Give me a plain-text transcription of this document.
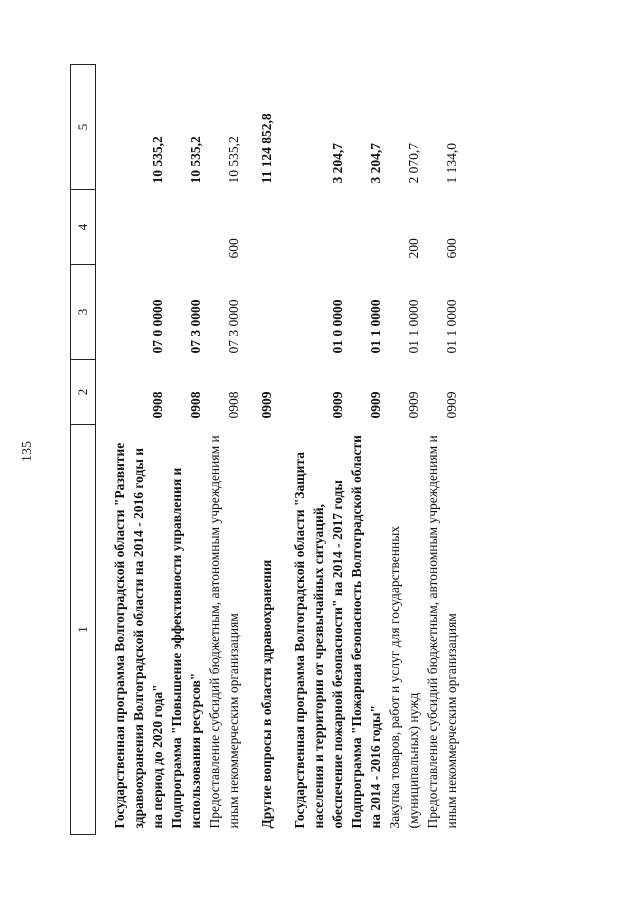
135
1	2	3	4	5

Государственная программа Волгоградской области "Развитие здравоохранения Волгоградской области на 2014 - 2016 годы и на период до 2020 года"	0908	07 0 0000		10 535,2
Подпрограмма "Повышение эффективности управления и использования ресурсов"	0908	07 3 0000		10 535,2
Предоставление субсидий бюджетным, автономным учреждениям и иным некоммерческим организациям	0908	07 3 0000	600	10 535,2

Другие вопросы в области здравоохранения	0909			11 124 852,8

Государственная программа Волгоградской области "Защита населения и территории от чрезвычайных ситуаций, обеспечение пожарной безопасности" на 2014 - 2017 годы	0909	01 0 0000		3 204,7
Подпрограмма "Пожарная безопасность Волгоградской области на 2014 - 2016 годы"	0909	01 1 0000		3 204,7
Закупка товаров, работ и услуг для государственных (муниципальных) нужд	0909	01 1 0000	200	2 070,7
Предоставление субсидий бюджетным, автономным учреждениям и иным некоммерческим организациям	0909	01 1 0000	600	1 134,0
